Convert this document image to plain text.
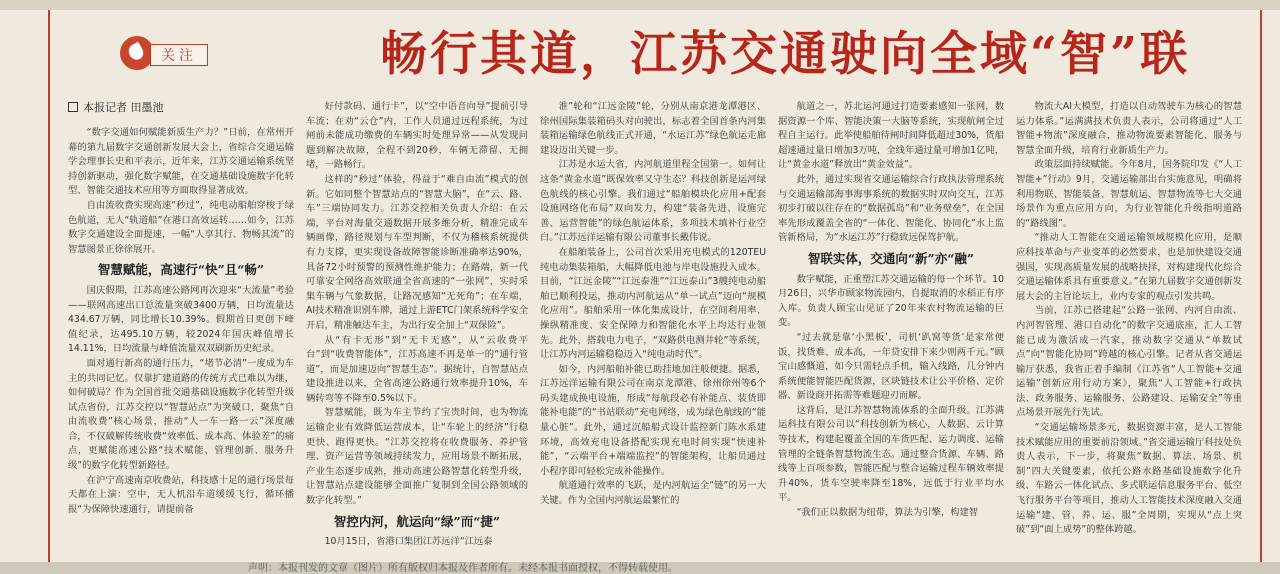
关注	畅行其道，江苏交通驶向全域“智”联
本报记者 田墨池

“数字交通如何赋能新质生产力？”日前，在常州开幕的第九届数字交通创新发展大会上，省综合交通运输学会理事长史和平表示，近年来，江苏交通运输系统坚持创新驱动，强化数字赋能，在交通基础设施数字化转型、智能交通技术应用等方面取得显著成效。

自由流收费实现高速“秒过”，纯电动船舶穿梭于绿色航道，无人“轨道船”在港口高效运转……如今，江苏数字交通建设全面提速，一幅“人享其行、物畅其流”的智慧图景正徐徐展开。

智慧赋能，高速行“快”且“畅”

国庆假期，江苏高速公路网再次迎来“大流量”考验——联网高速出口总流量突破3400万辆，日均流量达434.67万辆，同比增长10.39%。假期首日更创下峰值纪录，达495.10万辆，较2024年国庆峰值增长14.11%，日均流量与峰值流量双双刷新历史纪录。

面对通行新高的通行压力，“堵节必清”一度成为车主的共同记忆。仅靠扩建道路的传统方式已难以为继，如何破局？作为全国首批交通基础设施数字化转型升级试点省份，江苏交控以“智慧站点”为突破口，聚焦“自由流收费”核心场景，推动“人一车一路一云”深度融合，不仅破解传统收费“效率低、成本高、体验差”的痛点，更赋能高速公路“技术赋能、管理创新、服务升级”的数字化转型新路径。

在沪宁高速南京收费站，科技感十足的通行场景每天都在上演：空中，无人机沿车道缓缓飞行，循环播报“为保障快速通行，请提前备

好付款码、通行卡”，以“空中语音向导”提前引导车流；在劝“云仓”内，工作人员通过远程系统，为过闸前未能成功缴费的车辆实时处理异常——从发现问题到解决故障，全程不到20秒，车辆无滞留、无拥堵，一路畅行。

这样的“秒过”体验，得益于“难自由流”模式的创新。它如同整个智慧站点的“智慧大脑”，在“云、路、车”三端协同发力。江苏交控相关负责人介绍：在云端，平台对海量交通数据开展多维分析，精准完成车辆画像，路径规划与车型判断，不仅为稽核系统提供有力支撑，更实现设备故障智能诊断准确率达90%，具备72小时预警的预测性维护能力；在路端，新一代可靠安全网络高效联通全省高速的“一张网”，实时采集车辆与气象数据，让路况感知“无死角”；在车端，AI技术精准识别车牌，通过上游ETC门架系统科学安全开启，精准触达车主，为出行安全加上“双保险”。

从“有卡无形”到“无卡无感”，从“云收费平台”到“收费智能体”，江苏高速不再是单一的“通行管道”，而是加速迈向“智慧生态”。据统计，自智慧站点建设推进以来，全省高速公路通行效率提升10%，车辆转弯等不降至0.5%以下。

智慧赋能，既为车主节约了宝贵时间，也为物流运输企业有效降低运营成本，让“车轮上的经济”行稳更快、跑得更快。“江苏交控将在收费服务、养护管理、资产运营等领域持续发力，应用场景不断拓展，产业生态逐步成熟，推动高速公路智慧化转型升级，让智慧站点建设能够全面推广复制到全国公路领域的数字化转型。”

智控内河，航运向“绿”而“捷”

10月15日，省港口集团江苏远洋“江远泰

淮”轮和“江远金陵”轮，分别从南京港龙潭港区、徐州国际集装箱码头对向驶出，标志着全国首条内河集装箱运输绿色航线正式开通，“水运江苏”绿色航运走廊建设迈出关键一步。

江苏是水运大省，内河航道里程全国第一。如何让这条“黄金水道”既保效率又守生态？科技创新是运河绿色航线的核心引擎。我们通过“船舶模块化应用+配套设施网络化布局”双向发力，构建“装备先进、设施完善、运营智能”的绿色航运体系，多项技术填补行业空白。”江苏远洋运输有限公司董事长戴伟说。

在船舶装备上，公司首次采用充电模式的120TEU纯电动集装箱船，大幅降低电池与岸电设施投入成本。目前，“江远金陵”“江远泰淮”“江远泰山”3艘纯电动船舶已顺利投运，推动内河航运从“单一试点”迈向“规模化应用”。船舶采用一体化集成设计，在空间利用率、操纵精准度、安全保障力和智能化水平上均达行业领先。此外，搭载电力电子，“双路供电测井轮”等系统，让江苏内河运输稳稳迈入“纯电动时代”。

如今，内河船舶补能已助挂地加注般便捷。据悉，江苏远洋运输有限公司在南京龙潭港、徐州徐州等6个码头建成换电设施，形成“每航段必有补能点、装货即能补电能”的“书站联动”充电网络，成为绿色航线的“能量心脏”。此外，通过沉船船式设计监控新门陈水系建环境，高效充电设备搭配实现充电时间实现“快速补能”，“云端平台+端端监控”的智能架构，让船员通过小程序即可轻松完成补能操作。

航道通行效率的飞跃，是内河航运全“链”的另一大关键。作为全国内河航运最繁忙的

航道之一，苏北运河通过打造要素感知一张网，数据资源一个库、智能决策一大脑等系统，实现航闸全过程自主运行。此举使船舶待闸时间降低超过30%，货船超速通过量日增加3万吨，全线年通过量可增加1亿吨，让“黄金水道”释放出“黄金效益”。

此外，通过实现省交通运输综合行政执法管理系统与交通运输部海事海事系统的数据实时双向交互，江苏初步打破以往存在的“数据孤岛”和“业务壁垒”，在全国率先形成覆盖全省的“一体化、智能化、协同化”水上监管新格局，为“水运江苏”行稳致远保驾护航。

智联实体，交通向“新”亦“融”

数字赋能，正重塑江苏交通运输的每一个环节。10月26日，兴华市顾家物流园内，自提取消的水稻正有序入库。负责人顾宝山见证了20年来农村物流运输的巨变。

“过去就是靠‘小黑板’，司机‘趴窝等货’是家常便饭，找货难、成本高，一年贷安排下来少则两千元。”顾宝山感慨道，如今只需轻点手机，输入线路，几分钟内系统便能智能匹配货源，区块链技术让公平价格、定价器、新设商开拓需等难题迎刃而解。

这背后，是江苏智慧物流体系的全面升级。江苏满运科技有限公司以“科技创新为核心，人数据、云计算等技术，构建起覆盖全国的车货匹配、运力调度、运输管理的全链条智慧物流生态。通过整合货源、车辆、路线等上百项参数，智能匹配与整合运输过程车辆效率提升40%，货车空驶率降至18%，远低于行业平均水平。

“我们正以数据为纽带，算法为引擎，构建智

物流大AI大模型，打造以自动驾驶车为核心的智慧运力体系。”运满满技术负责人表示，公司将通过“人工智能+物流”深度融合，推动物流要素智能化、服务与智慧全面升级，培育行业新质生产力。

政策层面持续赋能。今年8月，国务院印发《“人工智能+”行动》9月，交通运输部出台实施意见，明确将利用物联、智能装备、智慧航运、智慧物流等七大交通场景作为重点应用方向，为行业智能化升级指明道路的“路线图”。

“推动人工智能在交通运输领域规模化应用，是顺应科技革命与产业变革的必然要求，也是加快建设交通强国，实现高质量发展的战略抉择，对构建现代化综合交通运输体系具有重要意义。”在第九届数字交通创新发展大会的主旨论坛上，业内专家的观点引发共鸣。

当前，江苏已搭建起“公路一张网、内河自由流、内河智管理、港口自动化”的数字交通底座，汇人工智能已成为激活成一汽家，推动数字交通从“单数试点”向“智能化协同”跨越的核心引擎。记者从省交通运输厅获悉，我省正着手编制《江苏省“人工智能+交通运输”创新应用行动方案》，聚焦“人工智能+行政执法、政务服务、运输服务、公路建设、运输安全”等重点场景开展先行先试。

“交通运输场景多元，数据资源丰富，是人工智能技术赋能应用的重要前沿领域。”省交通运输厅科技处负责人表示，下一步，将聚焦“数据、算法、场景、机制”四大关键要素，依托公路水路基础设施数字化升级、车路云一体化试点、多式联运信息服务平台、低空飞行服务平台等项目，推动人工智能技术深度融入交通运输“建、管、养、运、服”全周期，实现从“点上突破”到“面上成势”的整体跨越。

声明：本报刊发的文章（图片）所有版权归本报及作者所有。未经本报书面授权，不得转载使用。
